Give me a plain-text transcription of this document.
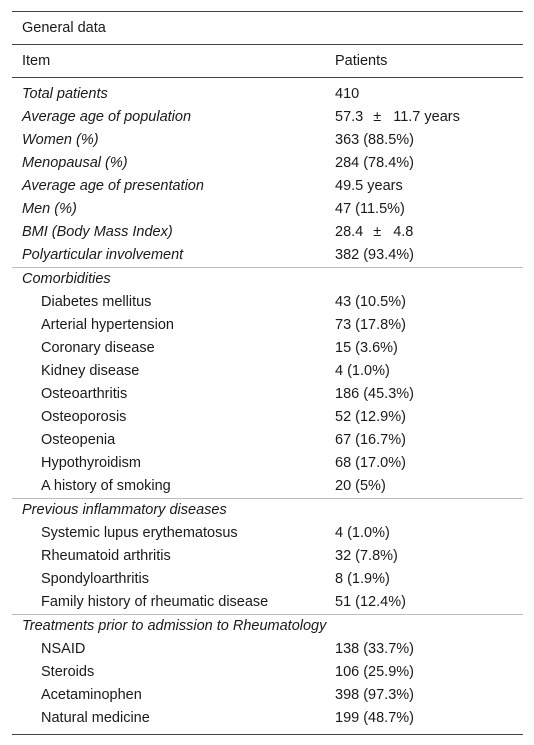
General data
Item	Patients
Total patients	410
Average age of population	57.3 ± 11.7 years
Women (%)	363 (88.5%)
Menopausal (%)	284 (78.4%)
Average age of presentation	49.5 years
Men (%)	47 (11.5%)
BMI (Body Mass Index)	28.4 ± 4.8
Polyarticular involvement	382 (93.4%)
Comorbidities
Diabetes mellitus	43 (10.5%)
Arterial hypertension	73 (17.8%)
Coronary disease	15 (3.6%)
Kidney disease	4 (1.0%)
Osteoarthritis	186 (45.3%)
Osteoporosis	52 (12.9%)
Osteopenia	67 (16.7%)
Hypothyroidism	68 (17.0%)
A history of smoking	20 (5%)
Previous inflammatory diseases
Systemic lupus erythematosus	4 (1.0%)
Rheumatoid arthritis	32 (7.8%)
Spondyloarthritis	8 (1.9%)
Family history of rheumatic disease	51 (12.4%)
Treatments prior to admission to Rheumatology
NSAID	138 (33.7%)
Steroids	106 (25.9%)
Acetaminophen	398 (97.3%)
Natural medicine	199 (48.7%)
